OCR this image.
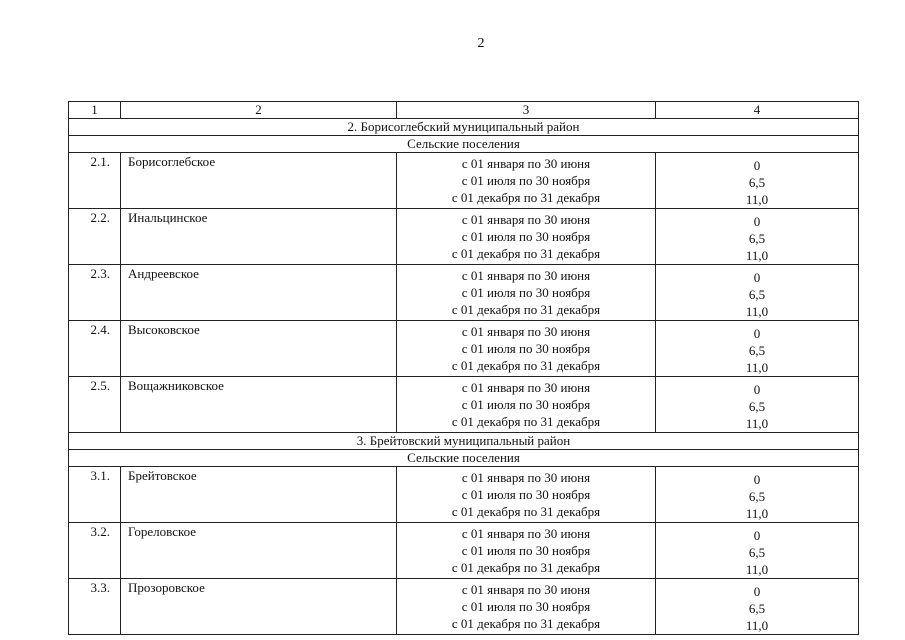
2
1	2	3	4
2. Борисоглебский муниципальный район			
Сельские поселения			
2.1.	Борисоглебское	с 01 января по 30 июня
с 01 июля по 30 ноября
с 01 декабря по 31 декабря	0
6,5
11,0

2.2.	Инальцинское	с 01 января по 30 июня
с 01 июля по 30 ноября
с 01 декабря по 31 декабря	0
6,5
11,0

2.3.	Андреевское	с 01 января по 30 июня
с 01 июля по 30 ноября
с 01 декабря по 31 декабря	0
6,5
11,0

2.4.	Высоковское	с 01 января по 30 июня
с 01 июля по 30 ноября
с 01 декабря по 31 декабря	0
6,5
11,0

2.5.	Вощажниковское	с 01 января по 30 июня
с 01 июля по 30 ноября
с 01 декабря по 31 декабря	0
6,5
11,0

3. Брейтовский муниципальный район			
Сельские поселения			
3.1.	Брейтовское	с 01 января по 30 июня
с 01 июля по 30 ноября
с 01 декабря по 31 декабря	0
6,5
11,0

3.2.	Гореловское	с 01 января по 30 июня
с 01 июля по 30 ноября
с 01 декабря по 31 декабря	0
6,5
11,0

3.3.	Прозоровское	с 01 января по 30 июня
с 01 июля по 30 ноября
с 01 декабря по 31 декабря	0
6,5
11,0
